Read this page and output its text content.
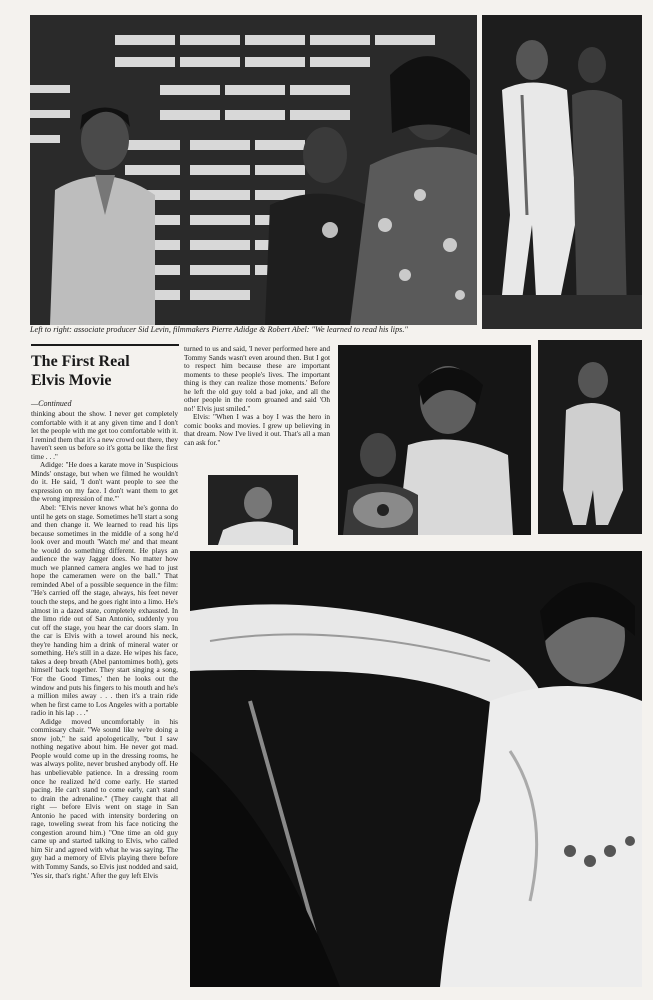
Left to right: associate producer Sid Levin, filmmakers Pierre Adidge & Robert Abel: "We learned to read his lips."
The First Real
Elvis Movie
—Continued

thinking about the show. I never get completely comfortable with it at any given time and I don't let the people with me get too comfortable with it. I remind them that it's a new crowd out there, they haven't seen us before so it's gotta be like the first time . . ."

Adidge: "He does a karate move in 'Suspicious Minds' onstage, but when we filmed he wouldn't do it. He said, 'I don't want people to see the expression on my face. I don't want them to get the wrong impression of me.'"

Abel: "Elvis never knows what he's gonna do until he gets on stage. Sometimes he'll start a song and then change it. We learned to read his lips because sometimes in the middle of a song he'd look over and mouth 'Watch me' and that meant he would do something different. He plays an audience the way Jagger does. No matter how much we planned camera angles we had to just hope the cameramen were on the ball." That reminded Abel of a possible sequence in the film: "He's carried off the stage, always, his feet never touch the steps, and he goes right into a limo. He's almost in a dazed state, completely exhausted. In the limo ride out of San Antonio, suddenly you cut off the stage, you hear the car doors slam. In the car is Elvis with a towel around his neck, they're handing him a drink of mineral water or something. He's still in a daze. He wipes his face, takes a deep breath (Abel pantomimes both), gets himself back together. They start singing a song, 'For the Good Times,' then he looks out the window and puts his fingers to his mouth and he's a million miles away . . . then it's a train ride when he first came to Los Angeles with a portable radio in his lap . . ."

Adidge moved uncomfortably in his commissary chair. "We sound like we're doing a snow job," he said apologetically, "but I saw nothing negative about him. He never got mad. People would come up in the dressing rooms, he was always polite, never brushed anybody off. He has unbelievable patience. In a dressing room once he realized he'd come early. He started pacing. He can't stand to come early, can't stand to drain the adrenaline." (They caught that all right — before Elvis went on stage in San Antonio he paced with intensity bordering on rage, toweling sweat from his face noticing the congestion around him.) "One time an old guy came up and started talking to Elvis, who called him Sir and agreed with what he was saying. The guy had a memory of Elvis playing there before with Tommy Sands, so Elvis just nodded and said, 'Yes sir, that's right.' After the guy left Elvis

turned to us and said, 'I never performed here and Tommy Sands wasn't even around then. But I got to respect him because these are important moments to these people's lives. The important thing is they can realize those moments.' Before he left the old guy told a bad joke, and all the other people in the room groaned and said 'Oh no!' Elvis just smiled."

Elvis: "When I was a boy I was the hero in comic books and movies. I grew up believing in that dream. Now I've lived it out. That's all a man can ask for."
